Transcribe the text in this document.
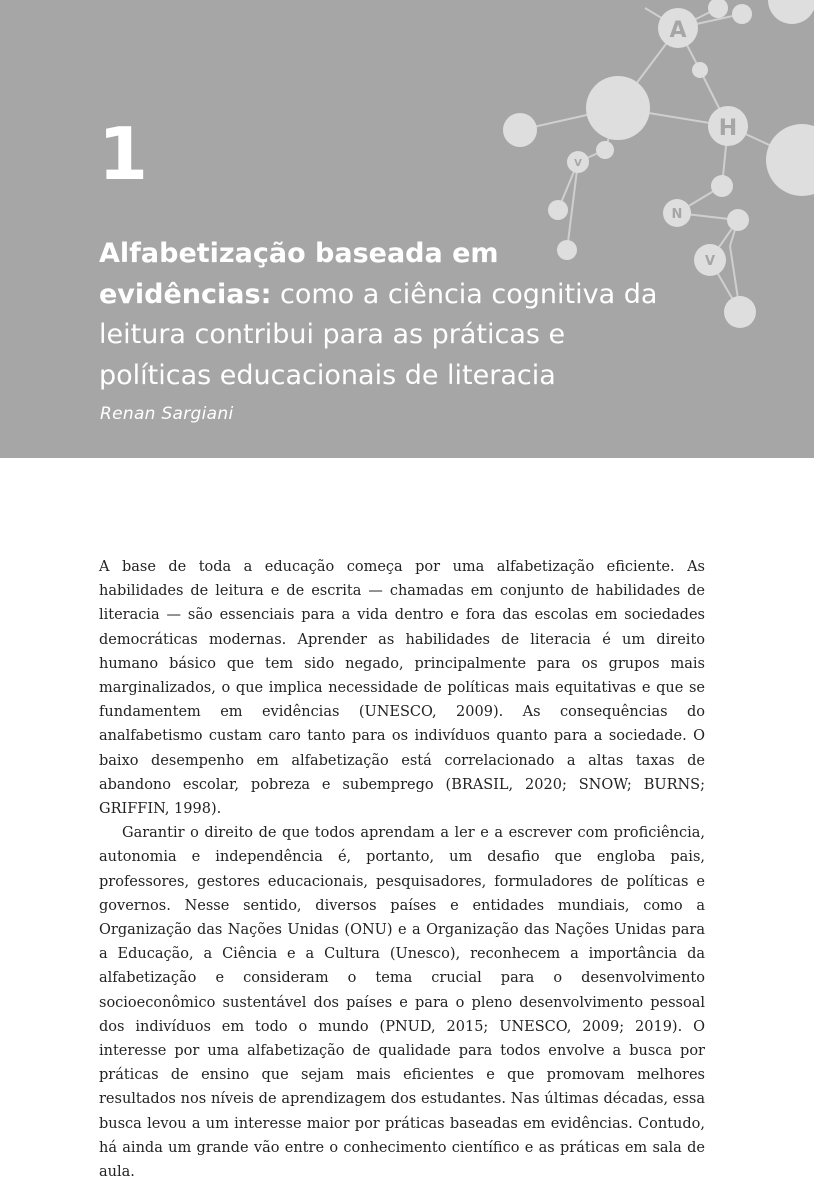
A
H
V
N
V
1
Alfabetização baseada em evidências: como a ciência cognitiva da leitura contribui para as práticas e políticas educacionais de literacia
Renan Sargiani

A base de toda a educação começa por uma alfabetização eficiente. As habilidades de leitura e de escrita — chamadas em conjunto de habilidades de literacia — são essenciais para a vida dentro e fora das escolas em sociedades democráticas modernas. Aprender as habilidades de literacia é um direito humano básico que tem sido negado, principalmente para os grupos mais marginalizados, o que implica necessidade de políticas mais equitativas e que se fundamentem em evidências (UNESCO, 2009). As consequências do analfabetismo custam caro tanto para os indivíduos quanto para a sociedade. O baixo desempenho em alfabetização está correlacionado a altas taxas de abandono escolar, pobreza e subemprego (BRASIL, 2020; SNOW; BURNS; GRIFFIN, 1998).

Garantir o direito de que todos aprendam a ler e a escrever com proficiência, autonomia e independência é, portanto, um desafio que engloba pais, professores, gestores educacionais, pesquisadores, formuladores de políticas e governos. Nesse sentido, diversos países e entidades mundiais, como a Organização das Nações Unidas (ONU) e a Organização das Nações Unidas para a Educação, a Ciência e a Cultura (Unesco), reconhecem a importância da alfabetização e consideram o tema crucial para o desenvolvimento socioeconômico sustentável dos países e para o pleno desenvolvimento pessoal dos indivíduos em todo o mundo (PNUD, 2015; UNESCO, 2009; 2019). O interesse por uma alfabetização de qualidade para todos envolve a busca por práticas de ensino que sejam mais eficientes e que promovam melhores resultados nos níveis de aprendizagem dos estudantes. Nas últimas décadas, essa busca levou a um interesse maior por práticas baseadas em evidências. Contudo, há ainda um grande vão entre o conhecimento científico e as práticas em sala de aula.
